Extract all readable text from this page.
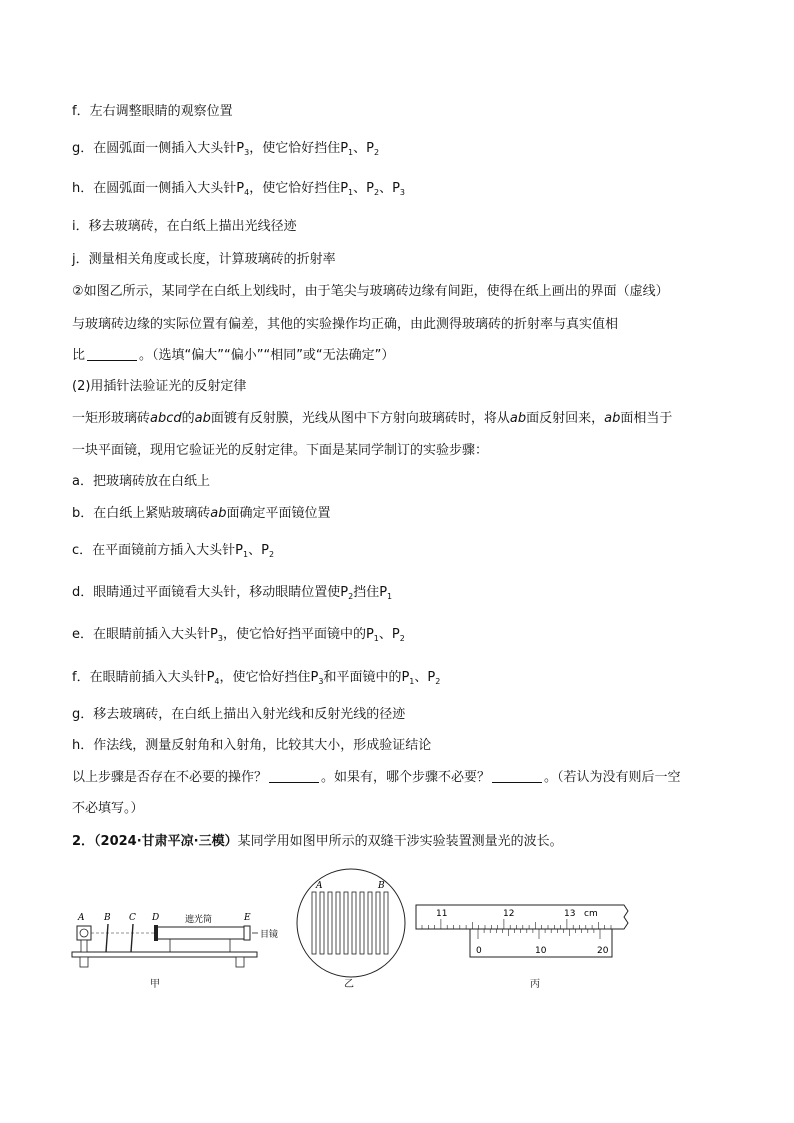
f．左右调整眼睛的观察位置
g．在圆弧面一侧插入大头针$P_3$，使它恰好挡住$P_1$、$P_2$
h．在圆弧面一侧插入大头针$P_4$，使它恰好挡住$P_1$、$P_2$、$P_3$
i．移去玻璃砖，在白纸上描出光线径迹
j．测量相关角度或长度，计算玻璃砖的折射率
②如图乙所示，某同学在白纸上划线时，由于笔尖与玻璃砖边缘有间距，使得在纸上画出的界面（虚线）
与玻璃砖边缘的实际位置有偏差，其他的实验操作均正确，由此测得玻璃砖的折射率与真实值相
比	。（选填“偏大”“偏小”“相同”或“无法确定”）
(2)用插针法验证光的反射定律
一矩形玻璃砖abcd的ab面镀有反射膜，光线从图中下方射向玻璃砖时，将从ab面反射回来，ab面相当于
一块平面镜，现用它验证光的反射定律。下面是某同学制订的实验步骤：
a．把玻璃砖放在白纸上
b．在白纸上紧贴玻璃砖ab面确定平面镜位置
c．在平面镜前方插入大头针$P_1$、$P_2$
d．眼睛通过平面镜看大头针，移动眼睛位置使$P_2$挡住$P_1$
e．在眼睛前插入大头针$P_3$，使它恰好挡平面镜中的$P_1$、$P_2$
f．在眼睛前插入大头针$P_4$，使它恰好挡住$P_3$和平面镜中的$P_1$、$P_2$
g．移去玻璃砖，在白纸上描出入射光线和反射光线的径迹
h．作法线，测量反射角和入射角，比较其大小，形成验证结论
以上步骤是否存在不必要的操作？	。如果有，哪个步骤不必要？	。（若认为没有则后一空
不必填写。）
2．（2024·甘肃平凉·三模）某同学用如图甲所示的双缝干涉实验装置测量光的波长。
A B C D	E
遮光筒
目镜
甲
A	B
乙
11	12	13 cm
0	10	20
丙
